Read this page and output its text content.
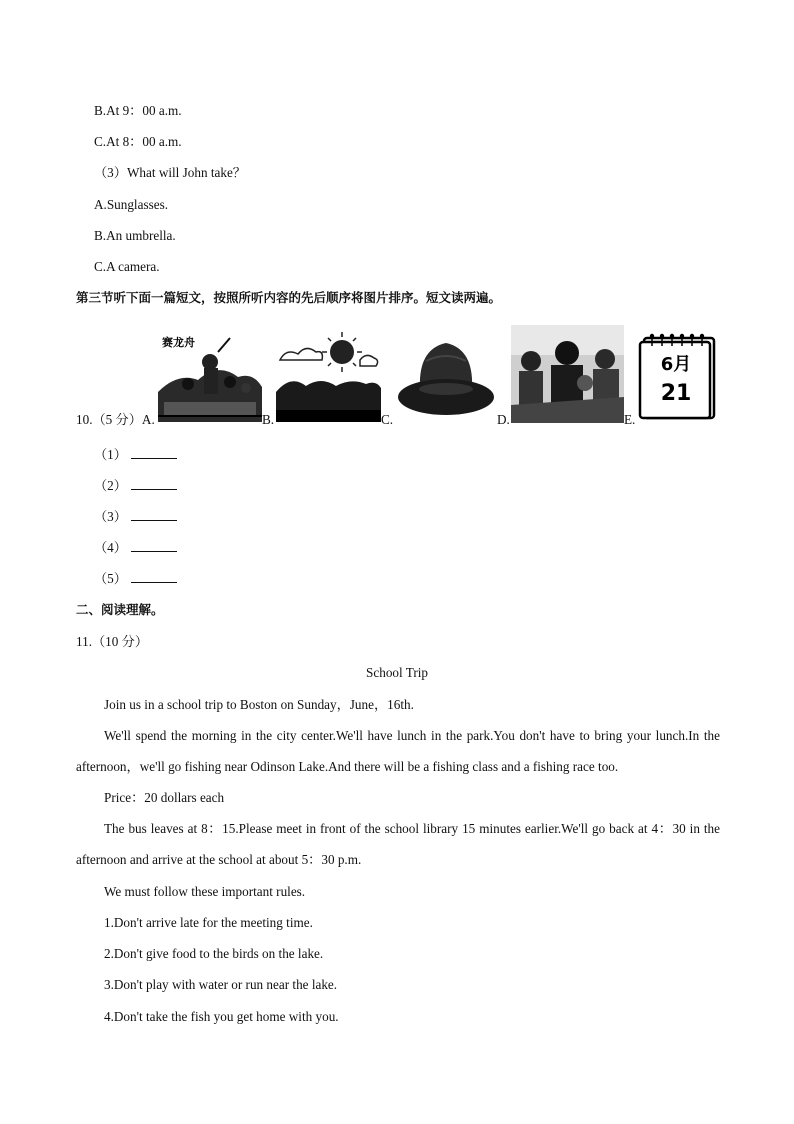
B.At 9：00 a.m.
C.At 8：00 a.m.
（3）What will John take？
A.Sunglasses.
B.An umbrella.
C.A camera.
第三节听下面一篇短文，按照所听内容的先后顺序将图片排序。短文读两遍。
10.（5 分）A.
赛龙舟
B.	C.	D.	E.
6月
21
（1）
（2）
（3）
（4）
（5）
二、阅读理解。
11.（10 分）
School Trip
Join us in a school trip to Boston on Sunday，June，16th.
We'll spend the morning in the city center.We'll have lunch in the park.You don't have to bring your lunch.In the afternoon，we'll go fishing near Odinson Lake.And there will be a fishing class and a fishing race too.
Price：20 dollars each
The bus leaves at 8：15.Please meet in front of the school library 15 minutes earlier.We'll go back at 4：30 in the afternoon and arrive at the school at about 5：30 p.m.
We must follow these important rules.
1.Don't arrive late for the meeting time.
2.Don't give food to the birds on the lake.
3.Don't play with water or run near the lake.
4.Don't take the fish you get home with you.
